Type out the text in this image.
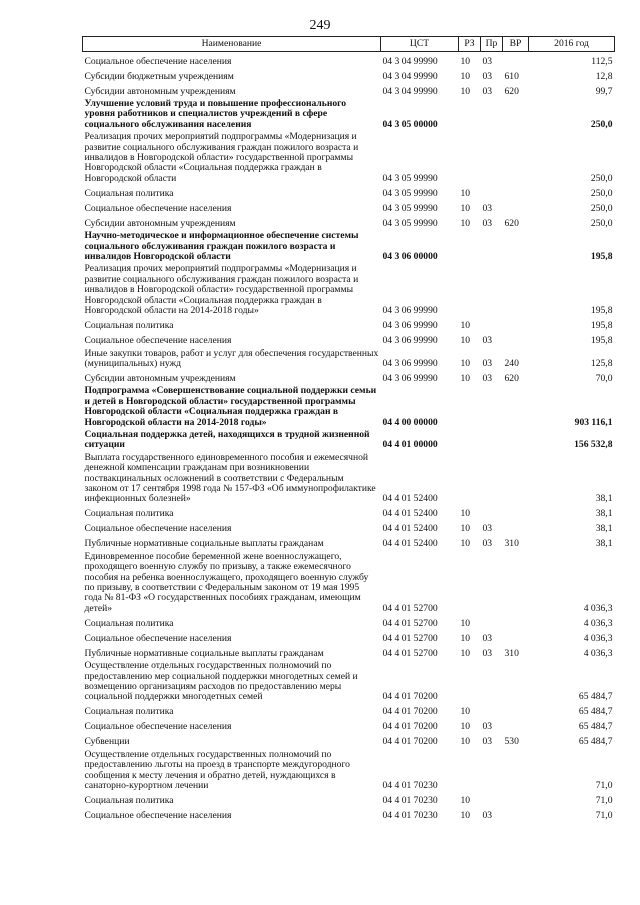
249
Наименование	ЦСТ	РЗ	Пр	ВР	2016 год
Социальное обеспечение населения	04 3 04 99990	10	03		112,5
Субсидии бюджетным учреждениям	04 3 04 99990	10	03	610	12,8
Субсидии автономным учреждениям	04 3 04 99990	10	03	620	99,7
Улучшение условий труда и повышение профессионального уровня работников и специалистов учреждений в сфере социального обслуживания населения	04 3 05 00000				250,0
Реализация прочих мероприятий подпрограммы «Модернизация и развитие социального обслуживания граждан пожилого возраста и инвалидов в Новгородской области» государственной программы Новгородской области «Социальная поддержка граждан в Новгородской области	04 3 05 99990				250,0
Социальная политика	04 3 05 99990	10			250,0
Социальное обеспечение населения	04 3 05 99990	10	03		250,0
Субсидии автономным учреждениям	04 3 05 99990	10	03	620	250,0
Научно-методическое и информационное обеспечение системы социального обслуживания граждан пожилого возраста и инвалидов Новгородской области	04 3 06 00000				195,8
Реализация прочих мероприятий подпрограммы «Модернизация и развитие социального обслуживания граждан пожилого возраста и инвалидов в Новгородской области» государственной программы Новгородской области «Социальная поддержка граждан в Новгородской области на 2014-2018 годы»	04 3 06 99990				195,8
Социальная политика	04 3 06 99990	10			195,8
Социальное обеспечение населения	04 3 06 99990	10	03		195,8
Иные закупки товаров, работ и услуг для обеспечения государственных (муниципальных) нужд	04 3 06 99990	10	03	240	125,8
Субсидии автономным учреждениям	04 3 06 99990	10	03	620	70,0
Подпрограмма «Совершенствование социальной поддержки семьи и детей в Новгородской области» государственной программы Новгородской области «Социальная поддержка граждан в Новгородской области на 2014-2018 годы»	04 4 00 00000				903 116,1
Социальная поддержка детей, находящихся в трудной жизненной ситуации	04 4 01 00000				156 532,8
Выплата государственного единовременного пособия и ежемесячной денежной компенсации гражданам при возникновении поствакцинальных осложнений в соответствии с Федеральным законом от 17 сентября 1998 года № 157-ФЗ «Об иммунопрофилактике инфекционных болезней»	04 4 01 52400				38,1
Социальная политика	04 4 01 52400	10			38,1
Социальное обеспечение населения	04 4 01 52400	10	03		38,1
Публичные нормативные социальные выплаты гражданам	04 4 01 52400	10	03	310	38,1
Единовременное пособие беременной жене военнослужащего, проходящего военную службу по призыву, а также ежемесячного пособия на ребенка военнослужащего, проходящего военную службу по призыву, в соответствии с Федеральным законом от 19 мая 1995 года № 81-ФЗ «О государственных пособиях гражданам, имеющим детей»	04 4 01 52700				4 036,3
Социальная политика	04 4 01 52700	10			4 036,3
Социальное обеспечение населения	04 4 01 52700	10	03		4 036,3
Публичные нормативные социальные выплаты гражданам	04 4 01 52700	10	03	310	4 036,3
Осуществление отдельных государственных полномочий по предоставлению мер социальной поддержки многодетных семей и возмещению организациям расходов по предоставлению меры социальной поддержки многодетных семей	04 4 01 70200				65 484,7
Социальная политика	04 4 01 70200	10			65 484,7
Социальное обеспечение населения	04 4 01 70200	10	03		65 484,7
Субвенции	04 4 01 70200	10	03	530	65 484,7
Осуществление отдельных государственных полномочий по предоставлению льготы на проезд в транспорте междугородного сообщения к месту лечения и обратно детей, нуждающихся в санаторно-курортном лечении	04 4 01 70230				71,0
Социальная политика	04 4 01 70230	10			71,0
Социальное обеспечение населения	04 4 01 70230	10	03		71,0
